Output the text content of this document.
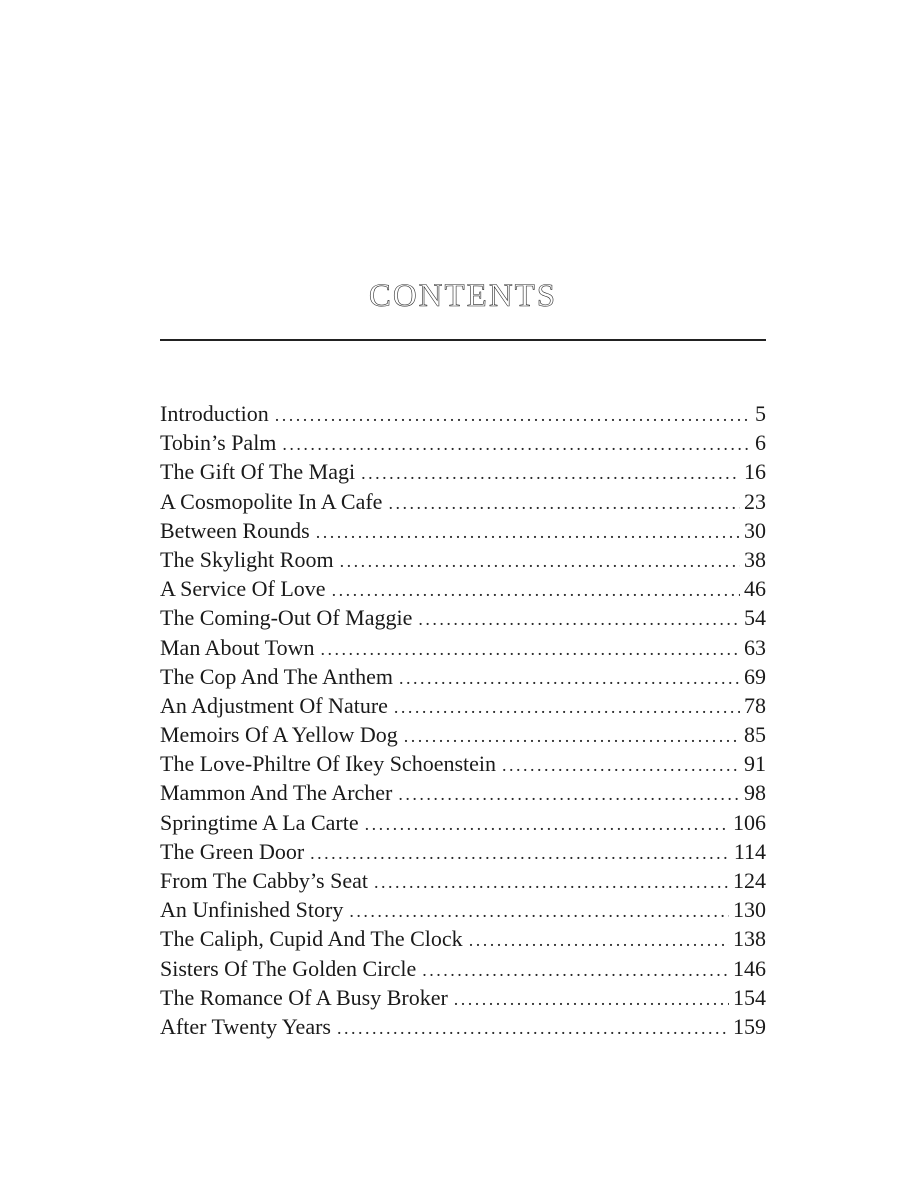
CONTENTS
Introduction . . .	5
Tobin’s Palm . . .	6
The Gift Of The Magi . . .	16
A Cosmopolite In A Cafe . . .	23
Between Rounds . . .	30
The Skylight Room . . .	38
A Service Of Love . . .	46
The Coming-Out Of Maggie . . .	54
Man About Town . . .	63
The Cop And The Anthem . . .	69
An Adjustment Of Nature . . .	78
Memoirs Of A Yellow Dog . . .	85
The Love-Philtre Of Ikey Schoenstein . . .	91
Mammon And The Archer . . .	98
Springtime A La Carte . . .	106
The Green Door . . .	114
From The Cabby’s Seat . . .	124
An Unfinished Story . . .	130
The Caliph, Cupid And The Clock . . .	138
Sisters Of The Golden Circle . . .	146
The Romance Of A Busy Broker . . .	154
After Twenty Years . . .	159
